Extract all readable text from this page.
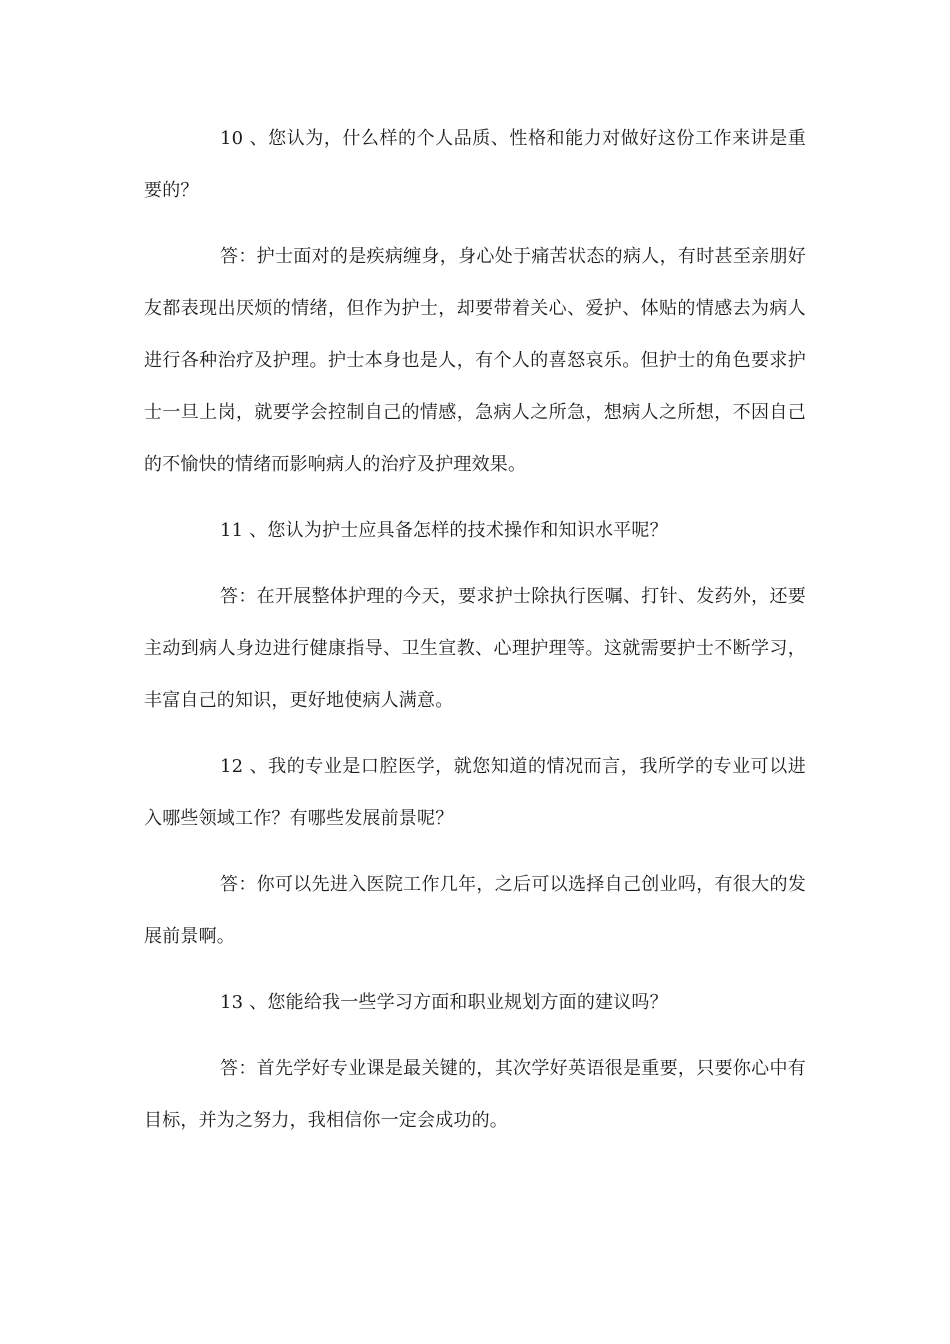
10 、您认为，什么样的个人品质、性格和能力对做好这份工作来讲是重要的？

答：护士面对的是疾病缠身，身心处于痛苦状态的病人，有时甚至亲朋好友都表现出厌烦的情绪，但作为护士，却要带着关心、爱护、体贴的情感去为病人进行各种治疗及护理。护士本身也是人，有个人的喜怒哀乐。但护士的角色要求护士一旦上岗，就要学会控制自己的情感，急病人之所急，想病人之所想，不因自己的不愉快的情绪而影响病人的治疗及护理效果。

11 、您认为护士应具备怎样的技术操作和知识水平呢？

答：在开展整体护理的今天，要求护士除执行医嘱、打针、发药外，还要主动到病人身边进行健康指导、卫生宣教、心理护理等。这就需要护士不断学习，丰富自己的知识，更好地使病人满意。

12 、我的专业是口腔医学，就您知道的情况而言，我所学的专业可以进入哪些领域工作？有哪些发展前景呢？

答：你可以先进入医院工作几年，之后可以选择自己创业吗，有很大的发展前景啊。

13 、您能给我一些学习方面和职业规划方面的建议吗？

答：首先学好专业课是最关键的，其次学好英语很是重要，只要你心中有目标，并为之努力，我相信你一定会成功的。
